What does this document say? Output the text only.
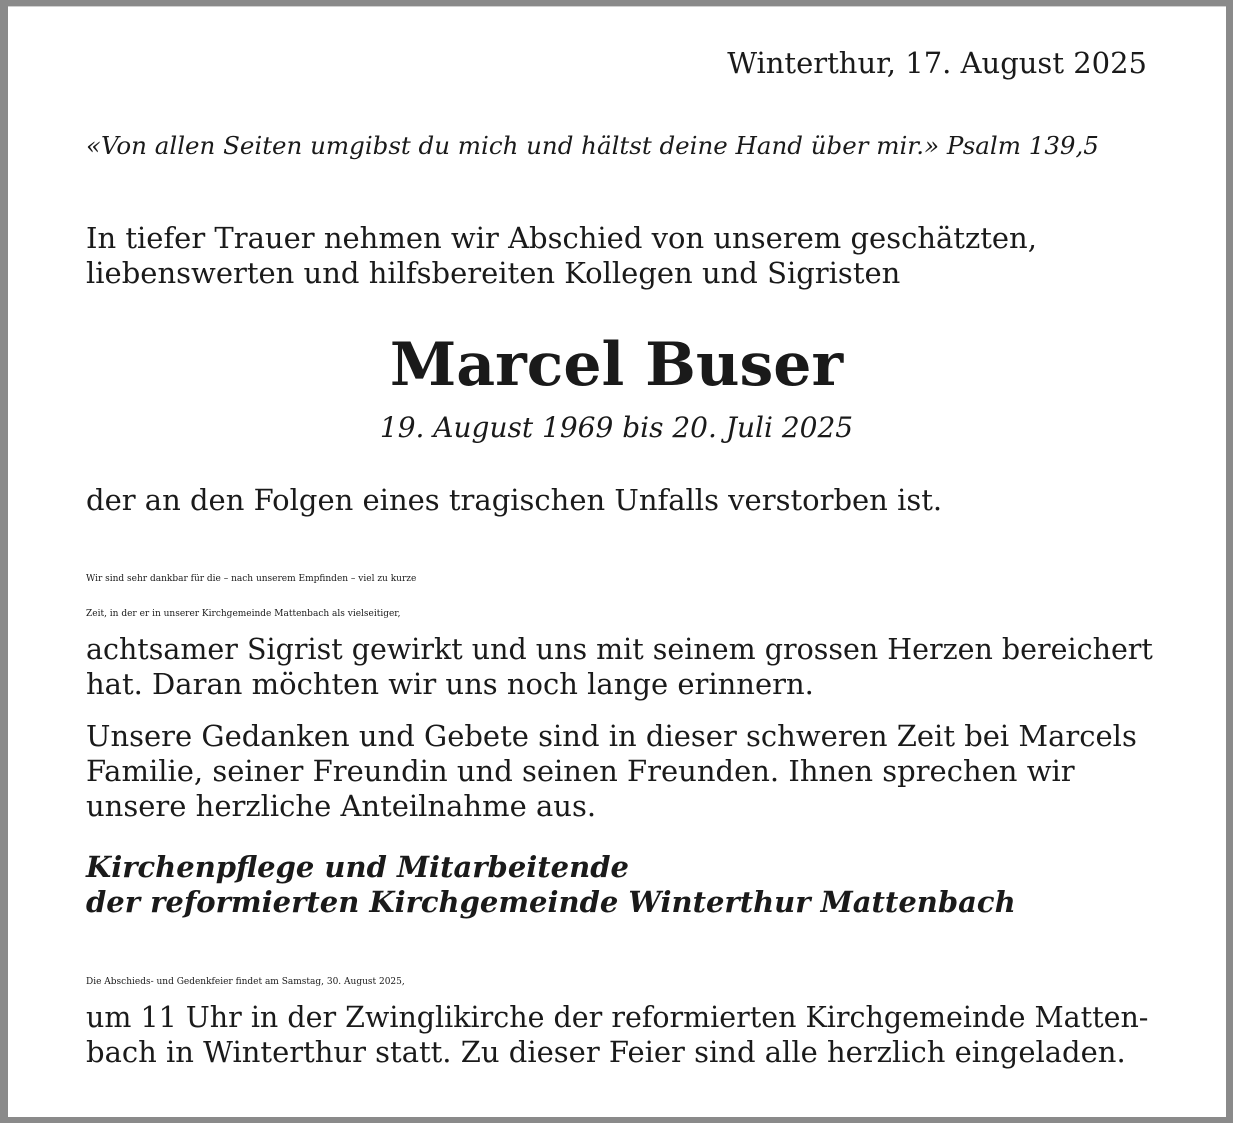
Winterthur, 17. August 2025
«Von allen Seiten umgibst du mich und hältst deine Hand über mir.» Psalm 139,5
In tiefer Trauer nehmen wir Abschied von unserem geschätzten,
liebenswerten und hilfsbereiten Kollegen und Sigristen
Marcel Buser
19. August 1969 bis 20. Juli 2025
der an den Folgen eines tragischen Unfalls verstorben ist.
Wir sind sehr dankbar für die – nach unserem Empfinden – viel zu kurze
Zeit, in der er in unserer Kirchgemeinde Mattenbach als vielseitiger,
achtsamer Sigrist gewirkt und uns mit seinem grossen Herzen bereichert
hat. Daran möchten wir uns noch lange erinnern.
Unsere Gedanken und Gebete sind in dieser schweren Zeit bei Marcels
Familie, seiner Freundin und seinen Freunden. Ihnen sprechen wir
unsere herzliche Anteilnahme aus.
Kirchenpflege und Mitarbeitende
der reformierten Kirchgemeinde Winterthur Mattenbach
Die Abschieds- und Gedenkfeier findet am Samstag, 30. August 2025,
um 11 Uhr in der Zwinglikirche der reformierten Kirchgemeinde Matten-
bach in Winterthur statt. Zu dieser Feier sind alle herzlich eingeladen.
